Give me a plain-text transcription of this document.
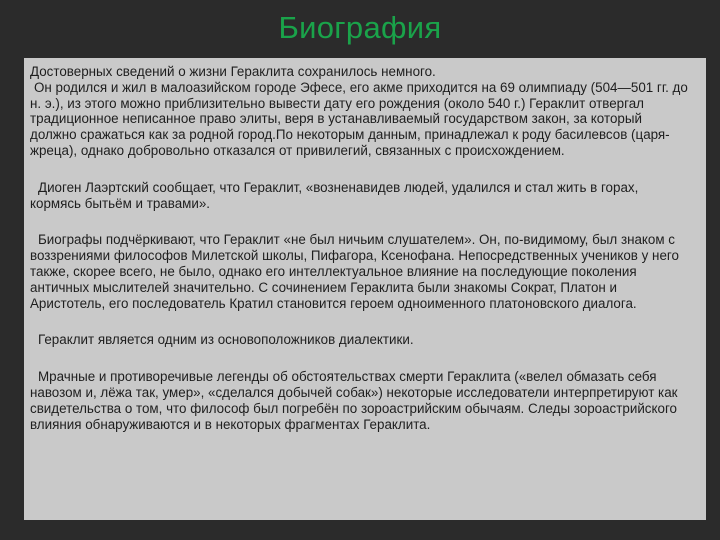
Биография

Достоверных сведений о жизни Гераклита сохранилось немного.

Он родился и жил в малоазийском городе Эфесе, его акме приходится на 69 олимпиаду (504—501 гг. до н. э.), из этого можно приблизительно вывести дату его рождения (около 540 г.) Гераклит отвергал традиционное неписанное право элиты, веря в устанавливаемый государством закон, за который должно сражаться как за родной город.По некоторым данным, принадлежал к роду басилевсов (царя-жреца), однако добровольно отказался от привилегий, связанных с происхождением.

Диоген Лаэртский сообщает, что Гераклит, «возненавидев людей, удалился и стал жить в горах, кормясь бытьём и травами».

Биографы подчёркивают, что Гераклит «не был ничьим слушателем». Он, по-видимому, был знаком с воззрениями философов Милетской школы, Пифагора, Ксенофана. Непосредственных учеников у него также, скорее всего, не было, однако его интеллектуальное влияние на последующие поколения античных мыслителей значительно. С сочинением Гераклита были знакомы Сократ, Платон и Аристотель, его последователь Кратил становится героем одноименного платоновского диалога.

Гераклит является одним из основоположников диалектики.

Мрачные и противоречивые легенды об обстоятельствах смерти Гераклита («велел обмазать себя навозом и, лёжа так, умер», «сделался добычей собак») некоторые исследователи интерпретируют как свидетельства о том, что философ был погребён по зороастрийским обычаям. Следы зороастрийского влияния обнаруживаются и в некоторых фрагментах Гераклита.
